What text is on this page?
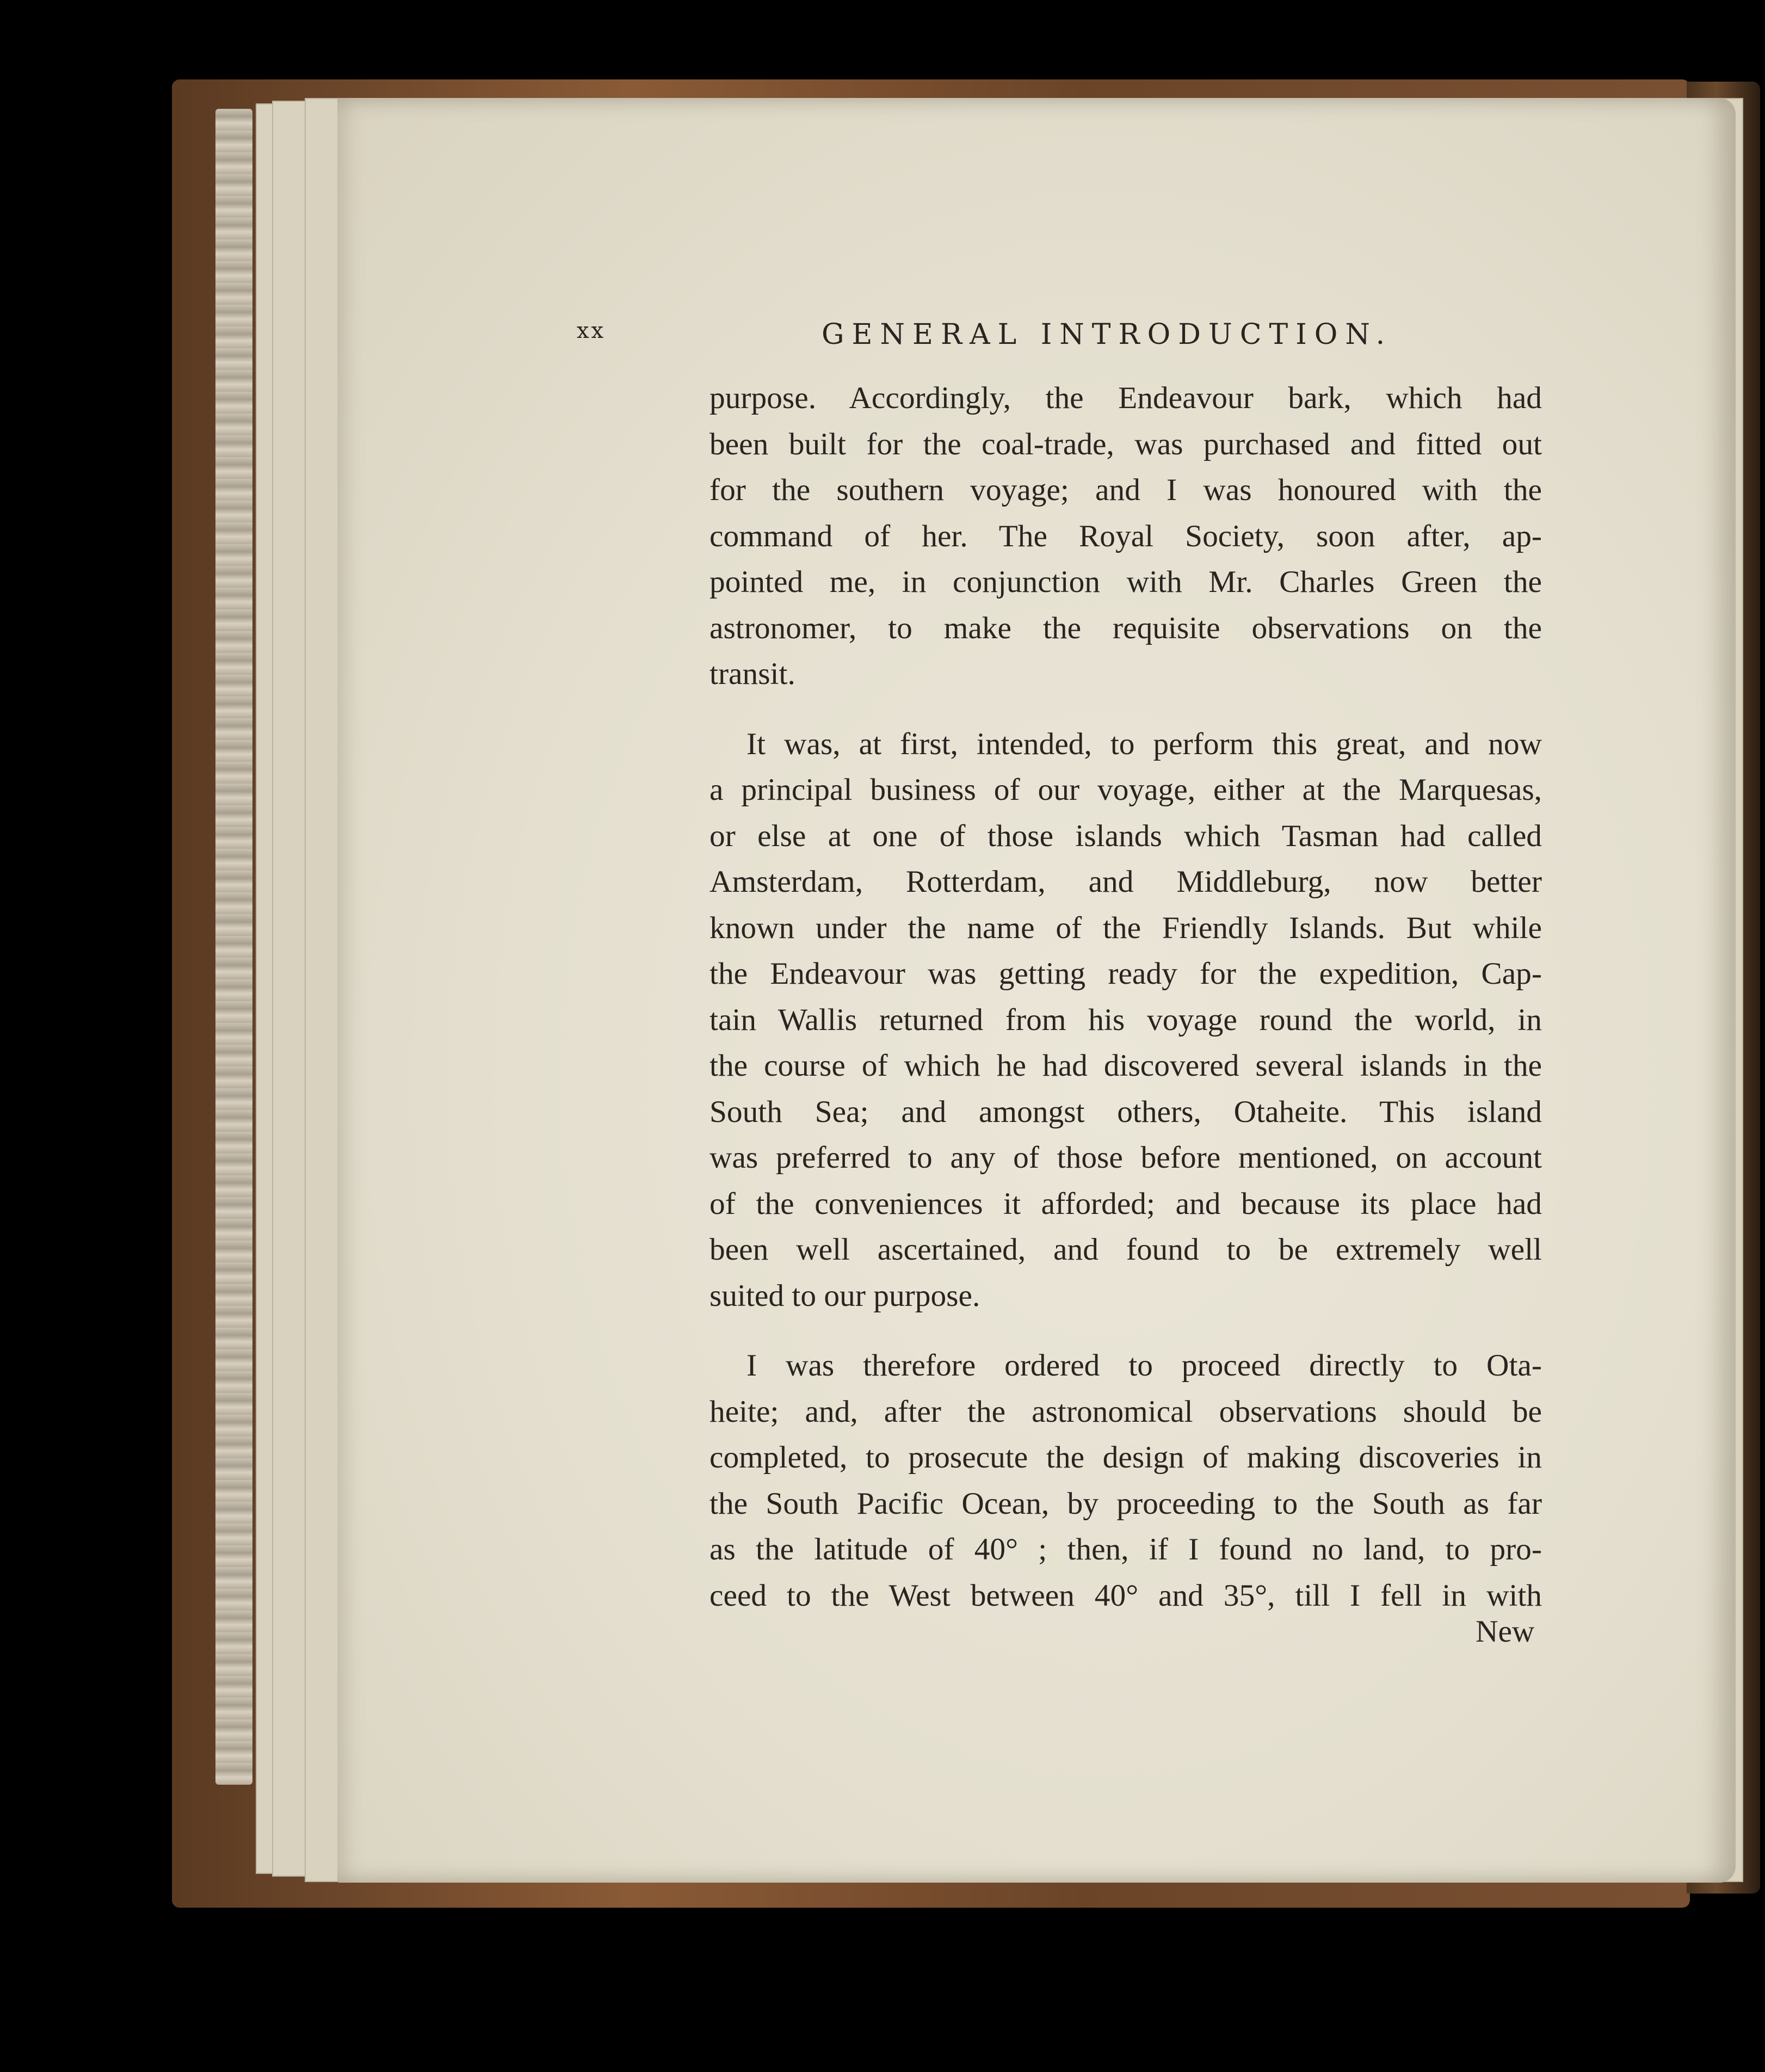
xx	GENERAL INTRODUCTION.
purpose. Accordingly, the Endeavour bark, which had
been built for the coal-trade, was purchased and fitted out
for the southern voyage; and I was honoured with the
command of her. The Royal Society, soon after, ap-
pointed me, in conjunction with Mr. Charles Green the
astronomer, to make the requisite observations on the
transit.
It was, at first, intended, to perform this great, and now
a principal business of our voyage, either at the Marquesas,
or else at one of those islands which Tasman had called
Amsterdam, Rotterdam, and Middleburg, now better
known under the name of the Friendly Islands. But while
the Endeavour was getting ready for the expedition, Cap-
tain Wallis returned from his voyage round the world, in
the course of which he had discovered several islands in the
South Sea; and amongst others, Otaheite. This island
was preferred to any of those before mentioned, on account
of the conveniences it afforded; and because its place had
been well ascertained, and found to be extremely well
suited to our purpose.
I was therefore ordered to proceed directly to Ota-
heite; and, after the astronomical observations should be
completed, to prosecute the design of making discoveries in
the South Pacific Ocean, by proceeding to the South as far
as the latitude of 40° ; then, if I found no land, to pro-
ceed to the West between 40° and 35°, till I fell in with
New
